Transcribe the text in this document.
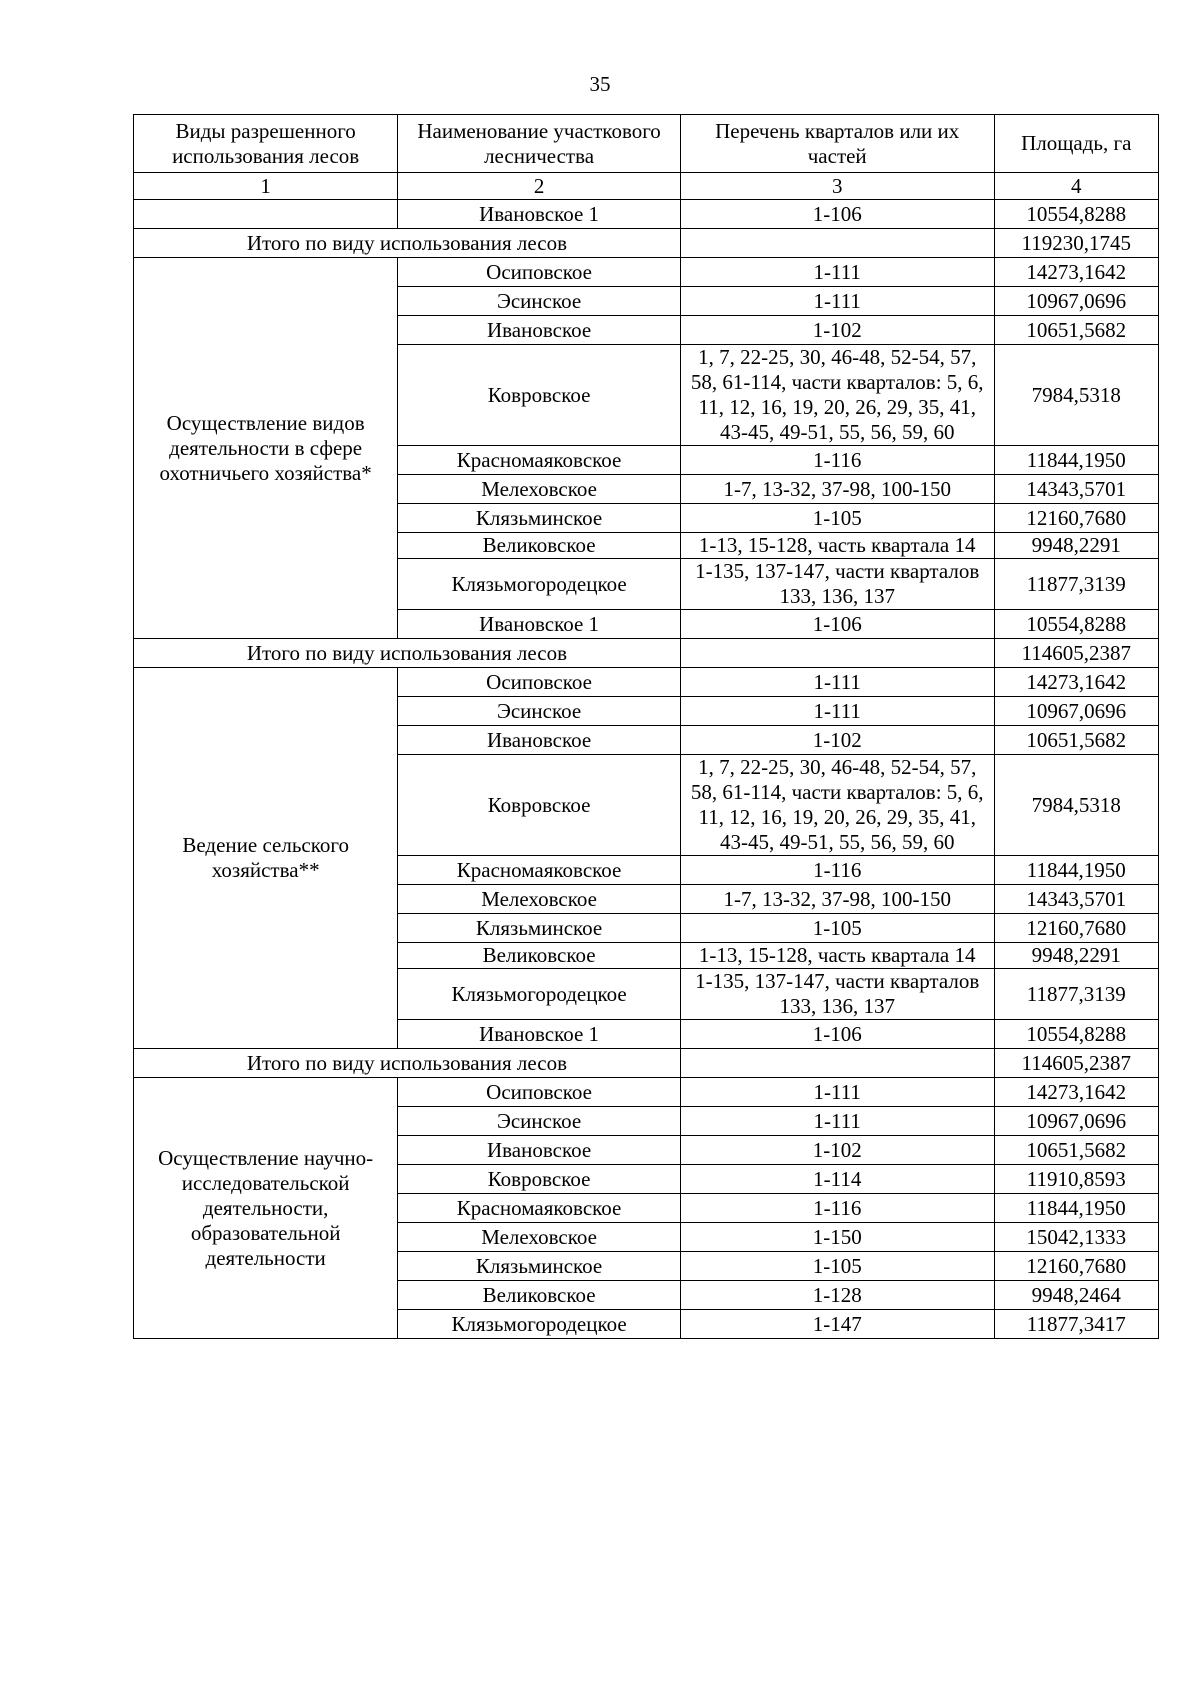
35
Виды разрешенного использования лесов	Наименование участкового лесничества	Перечень кварталов или их частей	Площадь, га
1	2	3	4
	Ивановское 1	1-106	10554,8288
Итого по виду использования лесов			119230,1745
Осуществление видов деятельности в сфере охотничьего хозяйства*	Осиповское	1-111	14273,1642
	Эсинское	1-111	10967,0696
	Ивановское	1-102	10651,5682
	Ковровское	1, 7, 22-25, 30, 46-48, 52-54, 57, 58, 61-114, части кварталов: 5, 6, 11, 12, 16, 19, 20, 26, 29, 35, 41, 43-45, 49-51, 55, 56, 59, 60	7984,5318
	Красномаяковское	1-116	11844,1950
	Мелеховское	1-7, 13-32, 37-98, 100-150	14343,5701
	Клязьминское	1-105	12160,7680
	Великовское	1-13, 15-128, часть квартала 14	9948,2291
	Клязьмогородецкое	1-135, 137-147, части кварталов 133, 136, 137	11877,3139
	Ивановское 1	1-106	10554,8288
Итого по виду использования лесов			114605,2387
Ведение сельского хозяйства**	Осиповское	1-111	14273,1642
	Эсинское	1-111	10967,0696
	Ивановское	1-102	10651,5682
	Ковровское	1, 7, 22-25, 30, 46-48, 52-54, 57, 58, 61-114, части кварталов: 5, 6, 11, 12, 16, 19, 20, 26, 29, 35, 41, 43-45, 49-51, 55, 56, 59, 60	7984,5318
	Красномаяковское	1-116	11844,1950
	Мелеховское	1-7, 13-32, 37-98, 100-150	14343,5701
	Клязьминское	1-105	12160,7680
	Великовское	1-13, 15-128, часть квартала 14	9948,2291
	Клязьмогородецкое	1-135, 137-147, части кварталов 133, 136, 137	11877,3139
	Ивановское 1	1-106	10554,8288
Итого по виду использования лесов			114605,2387
Осуществление научно-исследовательской деятельности, образовательной деятельности	Осиповское	1-111	14273,1642
	Эсинское	1-111	10967,0696
	Ивановское	1-102	10651,5682
	Ковровское	1-114	11910,8593
	Красномаяковское	1-116	11844,1950
	Мелеховское	1-150	15042,1333
	Клязьминское	1-105	12160,7680
	Великовское	1-128	9948,2464
	Клязьмогородецкое	1-147	11877,3417
